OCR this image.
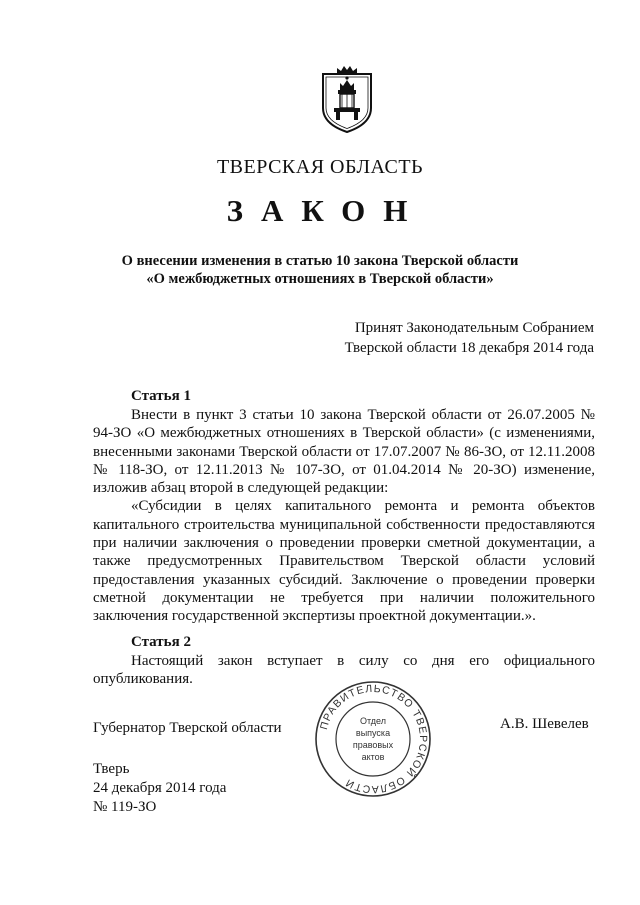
ТВЕРСКАЯ ОБЛАСТЬ
ЗАКОН
О внесении изменения в статью 10 закона Тверской области
«О межбюджетных отношениях в Тверской области»
Принят Законодательным Собранием
Тверской области 18 декабря 2014 года
Статья 1

Внести в пункт 3 статьи 10 закона Тверской области от 26.07.2005 № 94-ЗО «О межбюджетных отношениях в Тверской области» (с изменениями, внесенными законами Тверской области от 17.07.2007 № 86-ЗО, от 12.11.2008 № 118-ЗО, от 12.11.2013 № 107-ЗО, от 01.04.2014 № 20-ЗО) изменение, изложив абзац второй в следующей редакции:

«Субсидии в целях капитального ремонта и ремонта объектов капитального строительства муниципальной собственности предоставляются при наличии заключения о проведении проверки сметной документации, а также предусмотренных Правительством Тверской области условий предоставления указанных субсидий. Заключение о проведении проверки сметной документации не требуется при наличии положительного заключения государственной экспертизы проектной документации.».

Статья 2

Настоящий закон вступает в силу со дня его официального опубликования.

Губернатор Тверской области	А.В. Шевелев
Тверь
24 декабря 2014 года
№ 119-ЗО
ПРАВИТЕЛЬСТВО ТВЕРСКОЙ ОБЛАСТИ
Отдел
выпуска
правовых
актов
